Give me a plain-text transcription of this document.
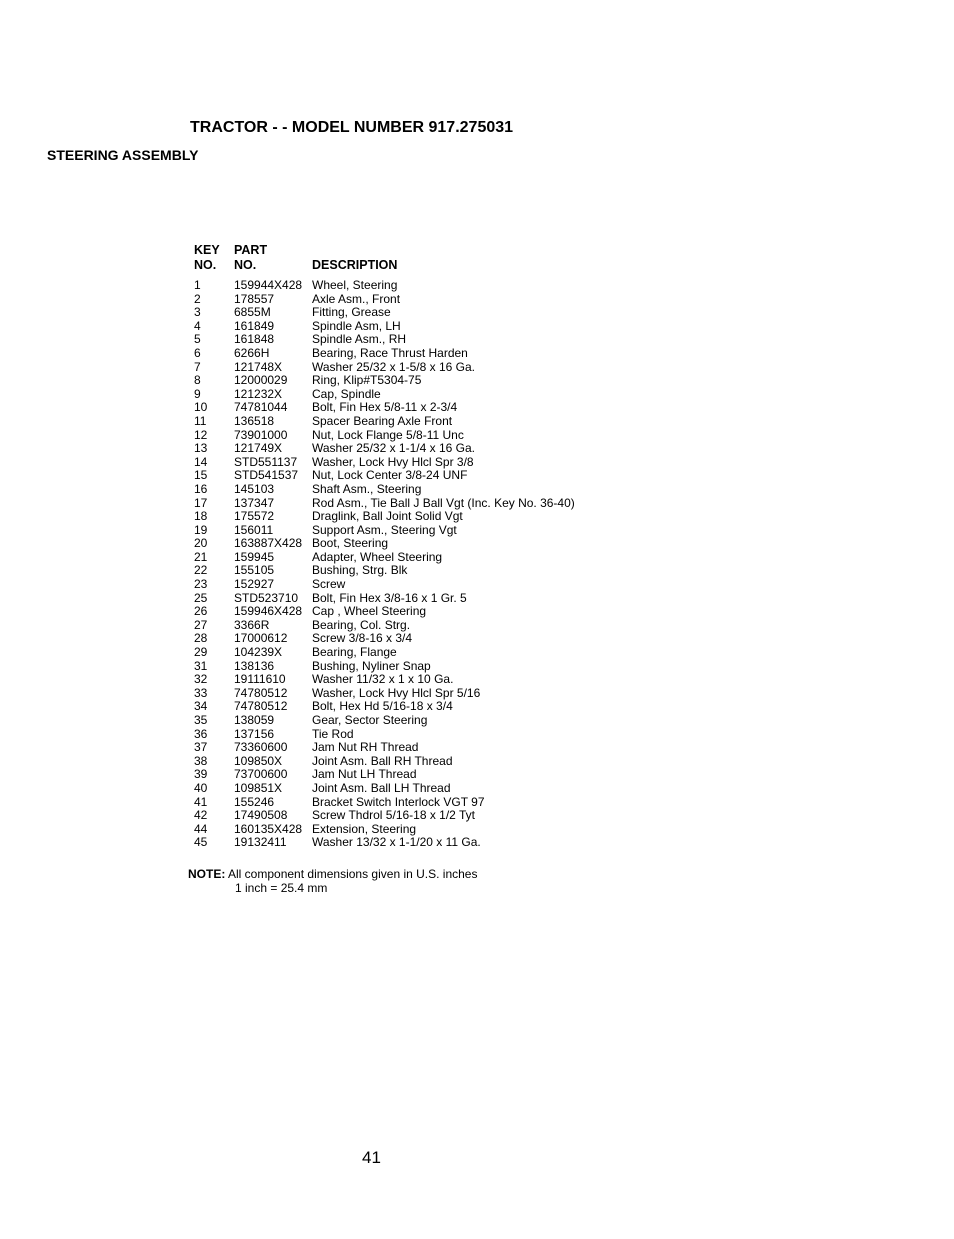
TRACTOR - - MODEL NUMBER 917.275031
STEERING ASSEMBLY
KEY PART
NO. NO.	DESCRIPTION
1	159944X428 Wheel, Steering
2	178557	Axle Asm., Front
3	6855M	Fitting, Grease
4	161849	Spindle Asm, LH
5	161848	Spindle Asm., RH
6	6266H	Bearing, Race Thrust Harden
7	121748X Washer 25/32 x 1-5/8 x 16 Ga.
8	12000029 Ring, Klip#T5304-75
9	121232X Cap, Spindle
10 74781044 Bolt, Fin Hex 5/8-11 x 2-3/4
11 136518	Spacer Bearing Axle Front
12 73901000 Nut, Lock Flange 5/8-11 Unc
13 121749X Washer 25/32 x 1-1/4 x 16 Ga.
14 STD551137 Washer, Lock Hvy Hlcl Spr 3/8
15 STD541537 Nut, Lock Center 3/8-24 UNF
16 145103	Shaft Asm., Steering
17 137347	Rod Asm., Tie Ball J Ball Vgt (Inc. Key No. 36-40)
18 175572	Draglink, Ball Joint Solid Vgt
19 156011	Support Asm., Steering Vgt
20 163887X428 Boot, Steering
21 159945	Adapter, Wheel Steering
22 155105	Bushing, Strg. Blk
23 152927	Screw
25 STD523710 Bolt, Fin Hex 3/8-16 x 1 Gr. 5
26 159946X428 Cap , Wheel Steering
27 3366R	Bearing, Col. Strg.
28 17000612 Screw 3/8-16 x 3/4
29 104239X Bearing, Flange
31 138136	Bushing, Nyliner Snap
32 19111610 Washer 11/32 x 1 x 10 Ga.
33 74780512 Washer, Lock Hvy Hlcl Spr 5/16
34 74780512 Bolt, Hex Hd 5/16-18 x 3/4
35 138059	Gear, Sector Steering
36 137156	Tie Rod
37 73360600 Jam Nut RH Thread
38 109850X Joint Asm. Ball RH Thread
39 73700600 Jam Nut LH Thread
40 109851X Joint Asm. Ball LH Thread
41 155246	Bracket Switch Interlock VGT 97
42 17490508 Screw Thdrol 5/16-18 x 1/2 Tyt
44 160135X428 Extension, Steering
45 19132411 Washer 13/32 x 1-1/20 x 11 Ga.
NOTE: All component dimensions given in U.S. inches
1 inch = 25.4 mm
41
